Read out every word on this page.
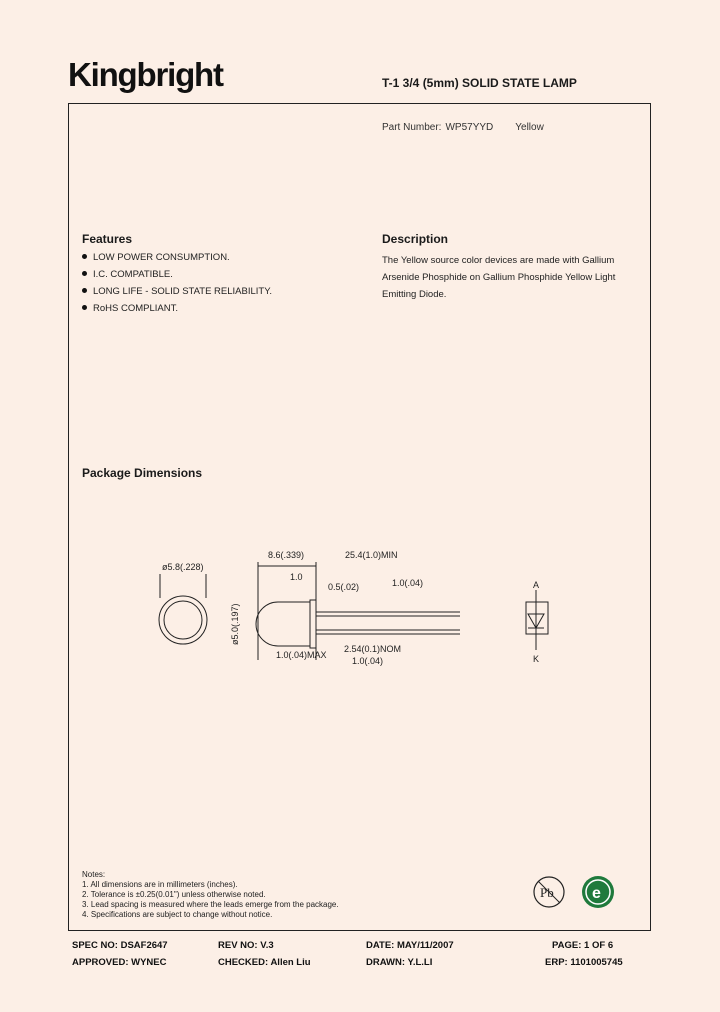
Kingbright	T-1 3/4 (5mm) SOLID STATE LAMP
Part Number: WP57YYD Yellow
Features
LOW POWER CONSUMPTION.
I.C. COMPATIBLE.
LONG LIFE - SOLID STATE RELIABILITY.
RoHS COMPLIANT.
Description
The Yellow source color devices are made with Gallium
Arsenide Phosphide on Gallium Phosphide Yellow Light
Emitting Diode.
Package Dimensions
ø5.8(.228)
8.6(.339)
1.0
ø5.0(.197)
25.4(1.0)MIN
0.5(.02)	1.0(.04)
2.54(0.1)NOM
1.0(.04)MAX
1.0(.04)
A
K
Notes:
1. All dimensions are in millimeters (inches).
2. Tolerance is ±0.25(0.01") unless otherwise noted.
3. Lead spacing is measured where the leads emerge from the package.
4. Specifications are subject to change without notice.
Pb e
SPEC NO: DSAF2647	REV NO: V.3	DATE: MAY/11/2007	PAGE: 1 OF 6
APPROVED: WYNEC	CHECKED: Allen Liu	DRAWN: Y.L.LI	ERP: 1101005745
